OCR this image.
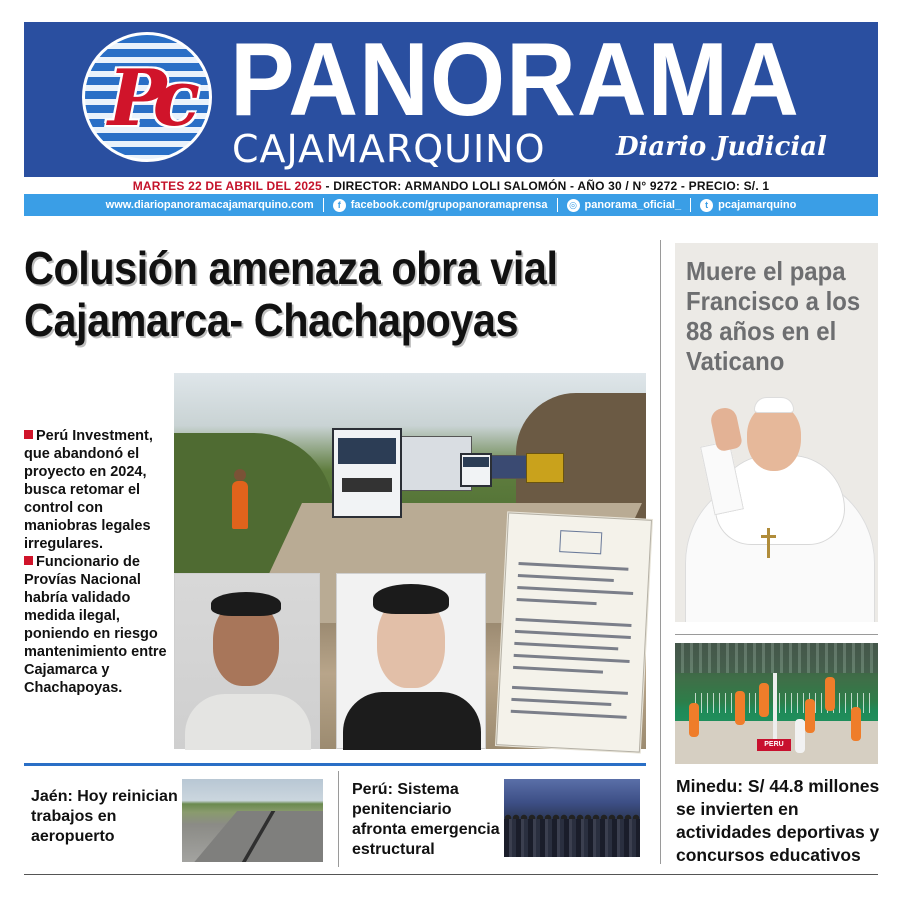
Pc PANORAMA
CAJAMARQUINO	Diario Judicial
MARTES 22 DE ABRIL DEL 2025 - DIRECTOR: ARMANDO LOLI SALOMÓN - AÑO 30 / N° 9272 - PRECIO: S/. 1
www.diariopanoramacajamarquino.com	f facebook.com/grupopanoramaprensa ◎ panorama_oficial_	t pcajamarquino
Colusión amenaza obra vial
Cajamarca- Chachapoyas
Perú Investment, que abandonó el proyecto en 2024, busca retomar el control con maniobras legales irregulares.
Funcionario de Provías Nacional habría validado medida ilegal, poniendo en riesgo mantenimiento entre Cajamarca y Chachapoyas.
Muere el papa Francisco a los 88 años en el Vaticano
PERU
Minedu: S/ 44.8 millones se invierten en actividades deportivas y concursos educativos
Jaén: Hoy reinician trabajos en aeropuerto
Perú: Sistema penitenciario afronta emergencia estructural
